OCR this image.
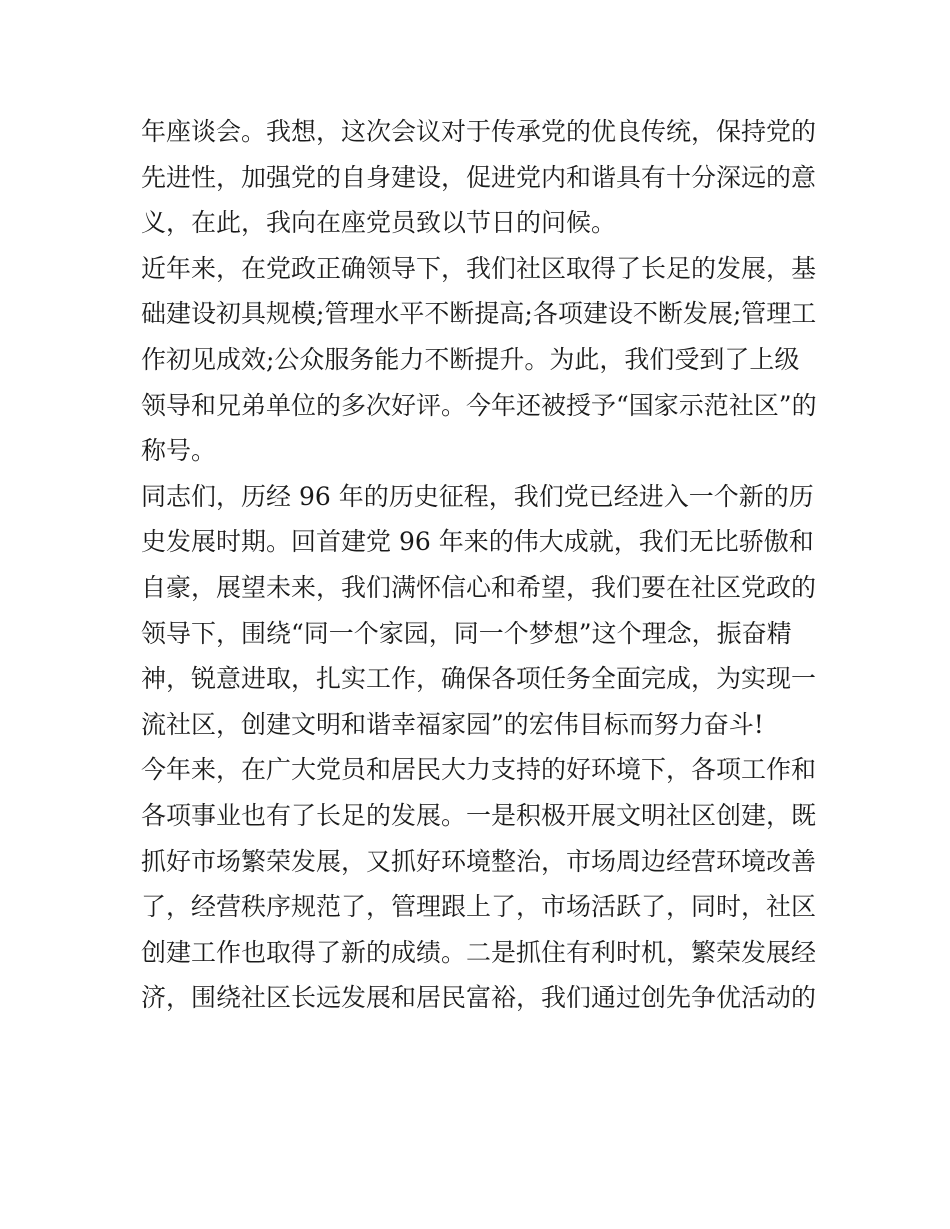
年座谈会。我想，这次会议对于传承党的优良传统，保持党的
先进性，加强党的自身建设，促进党内和谐具有十分深远的意
义，在此，我向在座党员致以节日的问候。
近年来，在党政正确领导下，我们社区取得了长足的发展，基
础建设初具规模;管理水平不断提高;各项建设不断发展;管理工
作初见成效;公众服务能力不断提升。为此，我们受到了上级
领导和兄弟单位的多次好评。今年还被授予“国家示范社区”的
称号。
同志们，历经 96 年的历史征程，我们党已经进入一个新的历
史发展时期。回首建党 96 年来的伟大成就，我们无比骄傲和
自豪，展望未来，我们满怀信心和希望，我们要在社区党政的
领导下，围绕“同一个家园，同一个梦想”这个理念，振奋精
神，锐意进取，扎实工作，确保各项任务全面完成，为实现一
流社区，创建文明和谐幸福家园”的宏伟目标而努力奋斗!
今年来，在广大党员和居民大力支持的好环境下，各项工作和
各项事业也有了长足的发展。一是积极开展文明社区创建，既
抓好市场繁荣发展，又抓好环境整治，市场周边经营环境改善
了，经营秩序规范了，管理跟上了，市场活跃了，同时，社区
创建工作也取得了新的成绩。二是抓住有利时机，繁荣发展经
济，围绕社区长远发展和居民富裕，我们通过创先争优活动的
